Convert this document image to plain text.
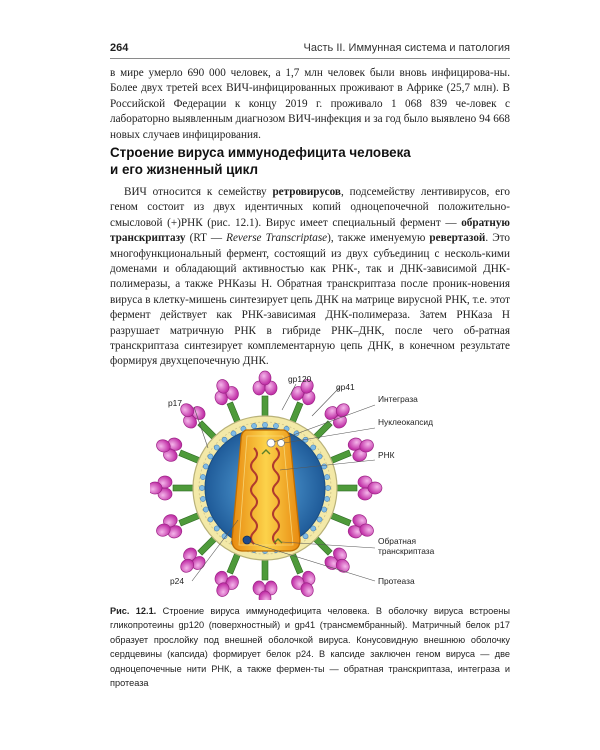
264	Часть II. Иммунная система и патология
в мире умерло 690 000 человек, а 1,7 млн человек были вновь инфицирова-ны. Более двух третей всех ВИЧ-инфицированных проживают в Африке (25,7 млн). В Российской Федерации к концу 2019 г. проживало 1 068 839 че-ловек с лабораторно выявленным диагнозом ВИЧ-инфекция и за год было выявлено 94 668 новых случаев инфицирования.
Строение вируса иммунодефицита человека
и его жизненный цикл
ВИЧ относится к семейству ретровирусов, подсемейству лентивирусов, его геном состоит из двух идентичных копий одноцепочечной положительно-смысловой (+)РНК (рис. 12.1). Вирус имеет специальный фермент — обратную транскриптазу (RT — Reverse Transcriptase), также именуемую ревертазой. Это многофункциональный фермент, состоящий из двух субъединиц с несколь-кими доменами и обладающий активностью как РНК-, так и ДНК-зависимой ДНК-полимеразы, а также РНКазы Н. Обратная транскриптаза после проник-новения вируса в клетку-мишень синтезирует цепь ДНК на матрице вирусной РНК, т.е. этот фермент действует как РНК-зависимая ДНК-полимераза. Затем РНКаза Н разрушает матричную РНК в гибриде РНК–ДНК, после чего об-ратная транскриптаза синтезирует комплементарную цепь ДНК, в конечном результате формируя двухцепочечную ДНК.
gp120
gp41
p17	Интеграза
Нуклеокапсид
РНК
Обратная
транскриптаза
p24	Протеаза
Рис. 12.1. Строение вируса иммунодефицита человека. В оболочку вируса встроены гликопротеины gp120 (поверхностный) и gp41 (трансмембранный). Матричный белок p17 образует прослойку под внешней оболочкой вируса. Конусовидную внешнюю оболочку сердцевины (капсида) формирует белок p24. В капсиде заключен геном вируса — две одноцепочечные нити РНК, а также фермен-ты — обратная транскриптаза, интеграза и протеаза
